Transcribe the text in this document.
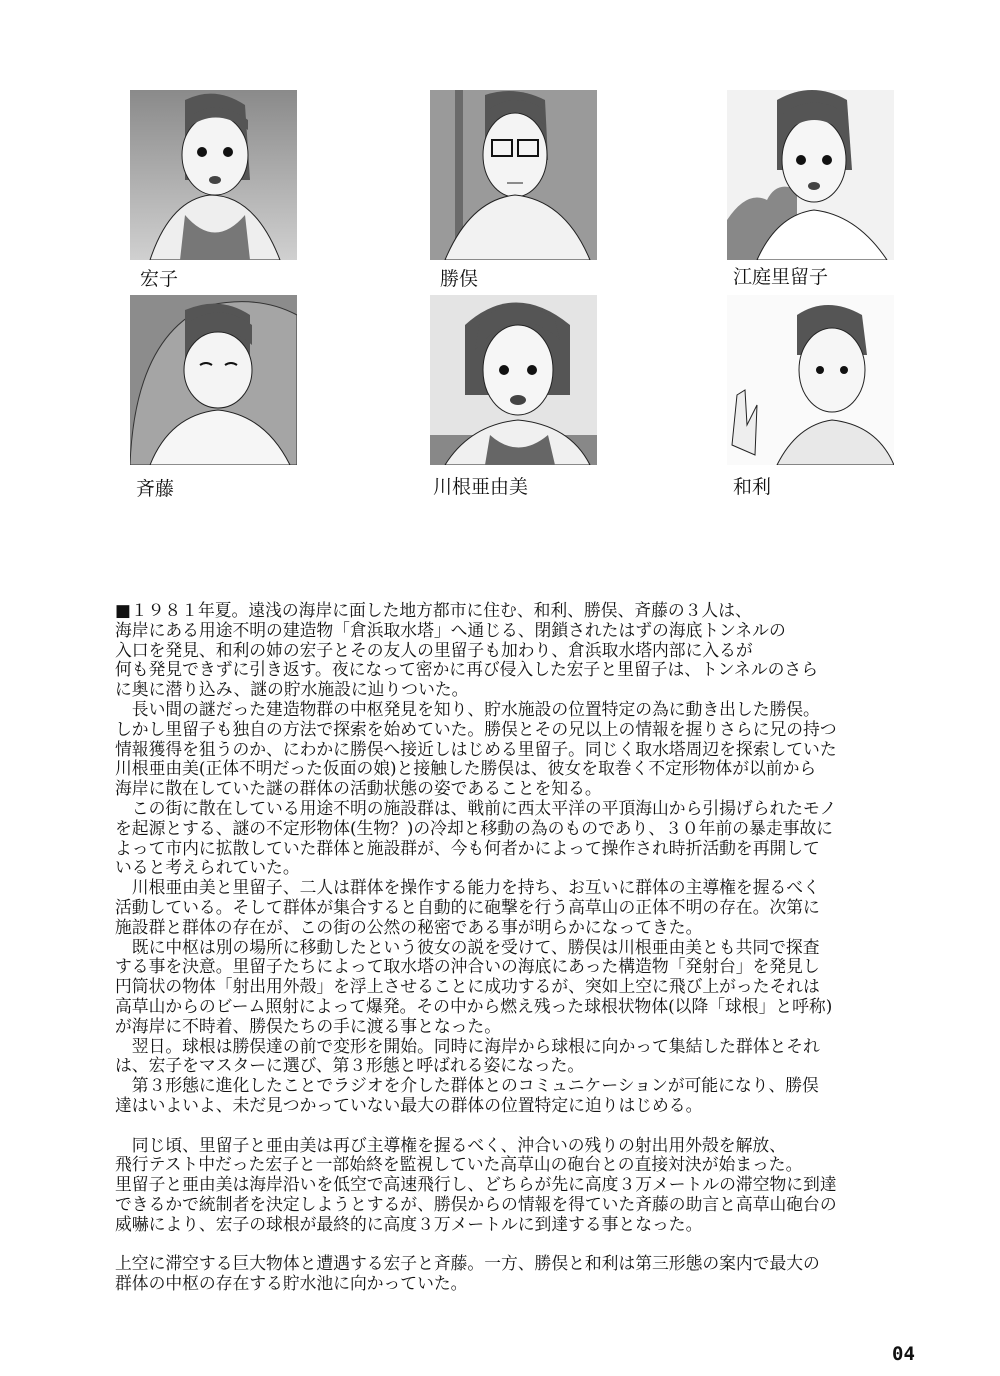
宏子	勝俣	江庭里留子
斉藤	川根亜由美	和利
■１９８１年夏。遠浅の海岸に面した地方都市に住む、和利、勝俣、斉藤の３人は、
海岸にある用途不明の建造物「倉浜取水塔」へ通じる、閉鎖されたはずの海底トンネルの
入口を発見、和利の姉の宏子とその友人の里留子も加わり、倉浜取水塔内部に入るが
何も発見できずに引き返す。夜になって密かに再び侵入した宏子と里留子は、トンネルのさら
に奥に潜り込み、謎の貯水施設に辿りついた。
　長い間の謎だった建造物群の中枢発見を知り、貯水施設の位置特定の為に動き出した勝俣。
しかし里留子も独自の方法で探索を始めていた。勝俣とその兄以上の情報を握りさらに兄の持つ
情報獲得を狙うのか、にわかに勝俣へ接近しはじめる里留子。同じく取水塔周辺を探索していた
川根亜由美(正体不明だった仮面の娘)と接触した勝俣は、彼女を取巻く不定形物体が以前から
海岸に散在していた謎の群体の活動状態の姿であることを知る。
　この街に散在している用途不明の施設群は、戦前に西太平洋の平頂海山から引揚げられたモノ
を起源とする、謎の不定形物体(生物？)の冷却と移動の為のものであり、３０年前の暴走事故に
よって市内に拡散していた群体と施設群が、今も何者かによって操作され時折活動を再開して
いると考えられていた。
　川根亜由美と里留子、二人は群体を操作する能力を持ち、お互いに群体の主導権を握るべく
活動している。そして群体が集合すると自動的に砲撃を行う高草山の正体不明の存在。次第に
施設群と群体の存在が、この街の公然の秘密である事が明らかになってきた。
　既に中枢は別の場所に移動したという彼女の説を受けて、勝俣は川根亜由美とも共同で探査
する事を決意。里留子たちによって取水塔の沖合いの海底にあった構造物「発射台」を発見し
円筒状の物体「射出用外殻」を浮上させることに成功するが、突如上空に飛び上がったそれは
高草山からのビーム照射によって爆発。その中から燃え残った球根状物体(以降「球根」と呼称)
が海岸に不時着、勝俣たちの手に渡る事となった。
　翌日。球根は勝俣達の前で変形を開始。同時に海岸から球根に向かって集結した群体とそれ
は、宏子をマスターに選び、第３形態と呼ばれる姿になった。
　第３形態に進化したことでラジオを介した群体とのコミュニケーションが可能になり、勝俣
達はいよいよ、未だ見つかっていない最大の群体の位置特定に迫りはじめる。
　同じ頃、里留子と亜由美は再び主導権を握るべく、沖合いの残りの射出用外殻を解放、
飛行テスト中だった宏子と一部始終を監視していた高草山の砲台との直接対決が始まった。
里留子と亜由美は海岸沿いを低空で高速飛行し、どちらが先に高度３万メートルの滞空物に到達
できるかで統制者を決定しようとするが、勝俣からの情報を得ていた斉藤の助言と高草山砲台の
威嚇により、宏子の球根が最終的に高度３万メートルに到達する事となった。
上空に滞空する巨大物体と遭遇する宏子と斉藤。一方、勝俣と和利は第三形態の案内で最大の
群体の中枢の存在する貯水池に向かっていた。
04
